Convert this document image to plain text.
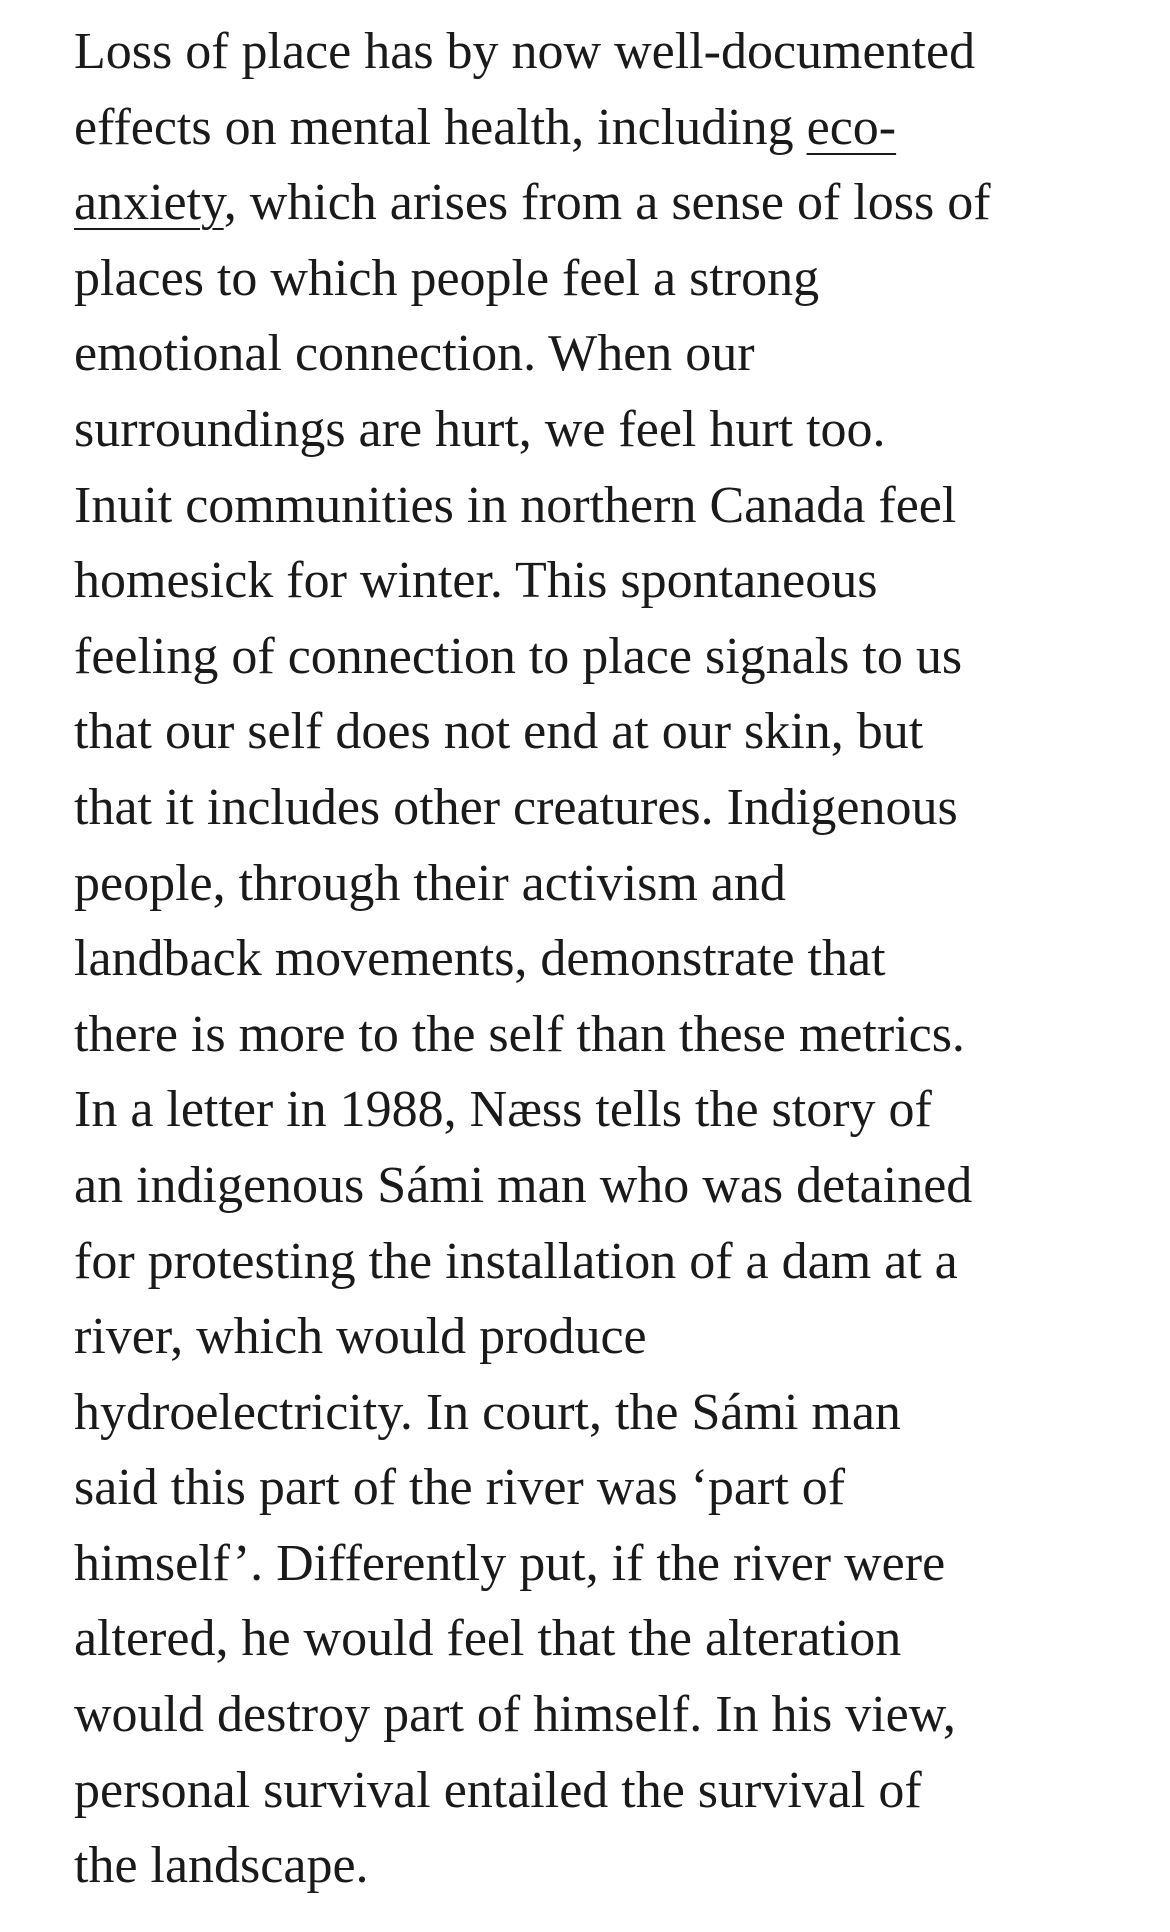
Loss of place has by now well-documented
effects on mental health, including eco-
anxiety, which arises from a sense of loss of
places to which people feel a strong
emotional connection. When our
surroundings are hurt, we feel hurt too.
Inuit communities in northern Canada feel
homesick for winter. This spontaneous
feeling of connection to place signals to us
that our self does not end at our skin, but
that it includes other creatures. Indigenous
people, through their activism and
landback movements, demonstrate that
there is more to the self than these metrics.
In a letter in 1988, Næss tells the story of
an indigenous Sámi man who was detained
for protesting the installation of a dam at a
river, which would produce
hydroelectricity. In court, the Sámi man
said this part of the river was ‘part of
himself’. Differently put, if the river were
altered, he would feel that the alteration
would destroy part of himself. In his view,
personal survival entailed the survival of
the landscape.
